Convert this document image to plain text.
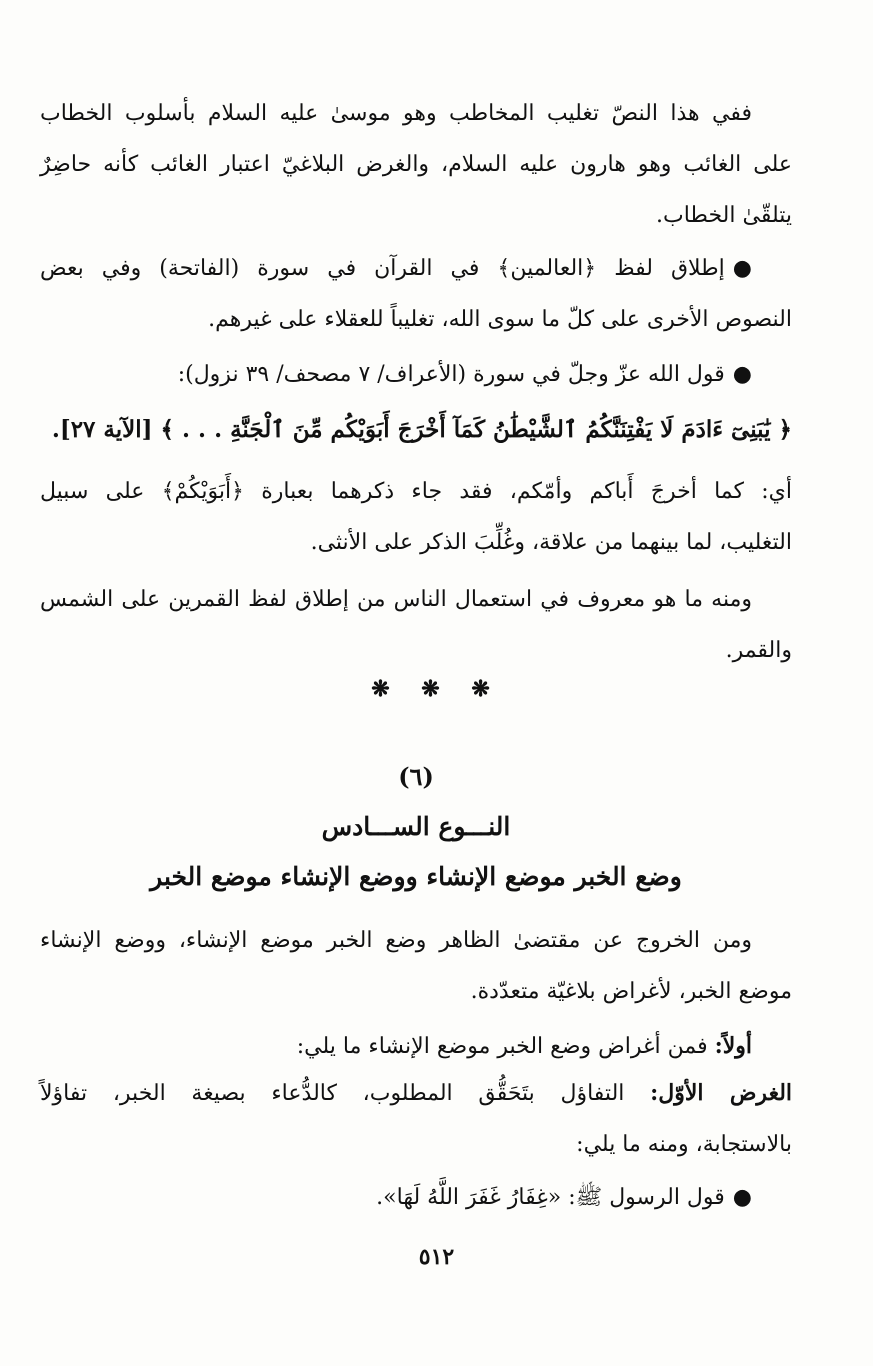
ففي هذا النصّ تغليب المخاطب وهو موسىٰ عليه السلام بأسلوب الخطاب
على الغائب وهو هارون عليه السلام، والغرض البلاغيّ اعتبار الغائب كأنه حاضِرٌ
يتلقّىٰ الخطاب.
●إطلاق لفظ ﴿العالمين﴾ في القرآن في سورة (الفاتحة) وفي بعض
النصوص الأخرى على كلّ ما سوى الله، تغليباً للعقلاء على غيرهم.
●قول الله عزّ وجلّ في سورة (الأعراف/ ٧ مصحف/ ٣٩ نزول):
﴿ يَٰبَنِىٓ ءَادَمَ لَا يَفْتِنَنَّكُمُ ٱلشَّيْطَٰنُ كَمَآ أَخْرَجَ أَبَوَيْكُم مِّنَ ٱلْجَنَّةِ . . . ﴾ [الآية ٢٧].
أي: كما أخرجَ أَباكم وأمّكم، فقد جاء ذكرهما بعبارة ﴿أَبَوَيْكُمْ﴾ على سبيل
التغليب، لما بينهما من علاقة، وغُلِّبَ الذكر على الأنثى.
ومنه ما هو معروف في استعمال الناس من إطلاق لفظ القمرين على الشمس
والقمر.
❋ ❋ ❋
(٦)
النـــوع الســـادس
وضع الخبر موضع الإنشاء ووضع الإنشاء موضع الخبر
ومن الخروج عن مقتضىٰ الظاهر وضع الخبر موضع الإنشاء، ووضع الإنشاء
موضع الخبر، لأغراض بلاغيّة متعدّدة.
أولاً: فمن أغراض وضع الخبر موضع الإنشاء ما يلي:
الغرض الأوّل: التفاؤل بتَحَقُّق المطلوب، كالدُّعاء بصيغة الخبر، تفاؤلاً
بالاستجابة، ومنه ما يلي:
●قول الرسول ﷺ: «غِفَارُ غَفَرَ اللَّهُ لَهَا».
٥١٢
